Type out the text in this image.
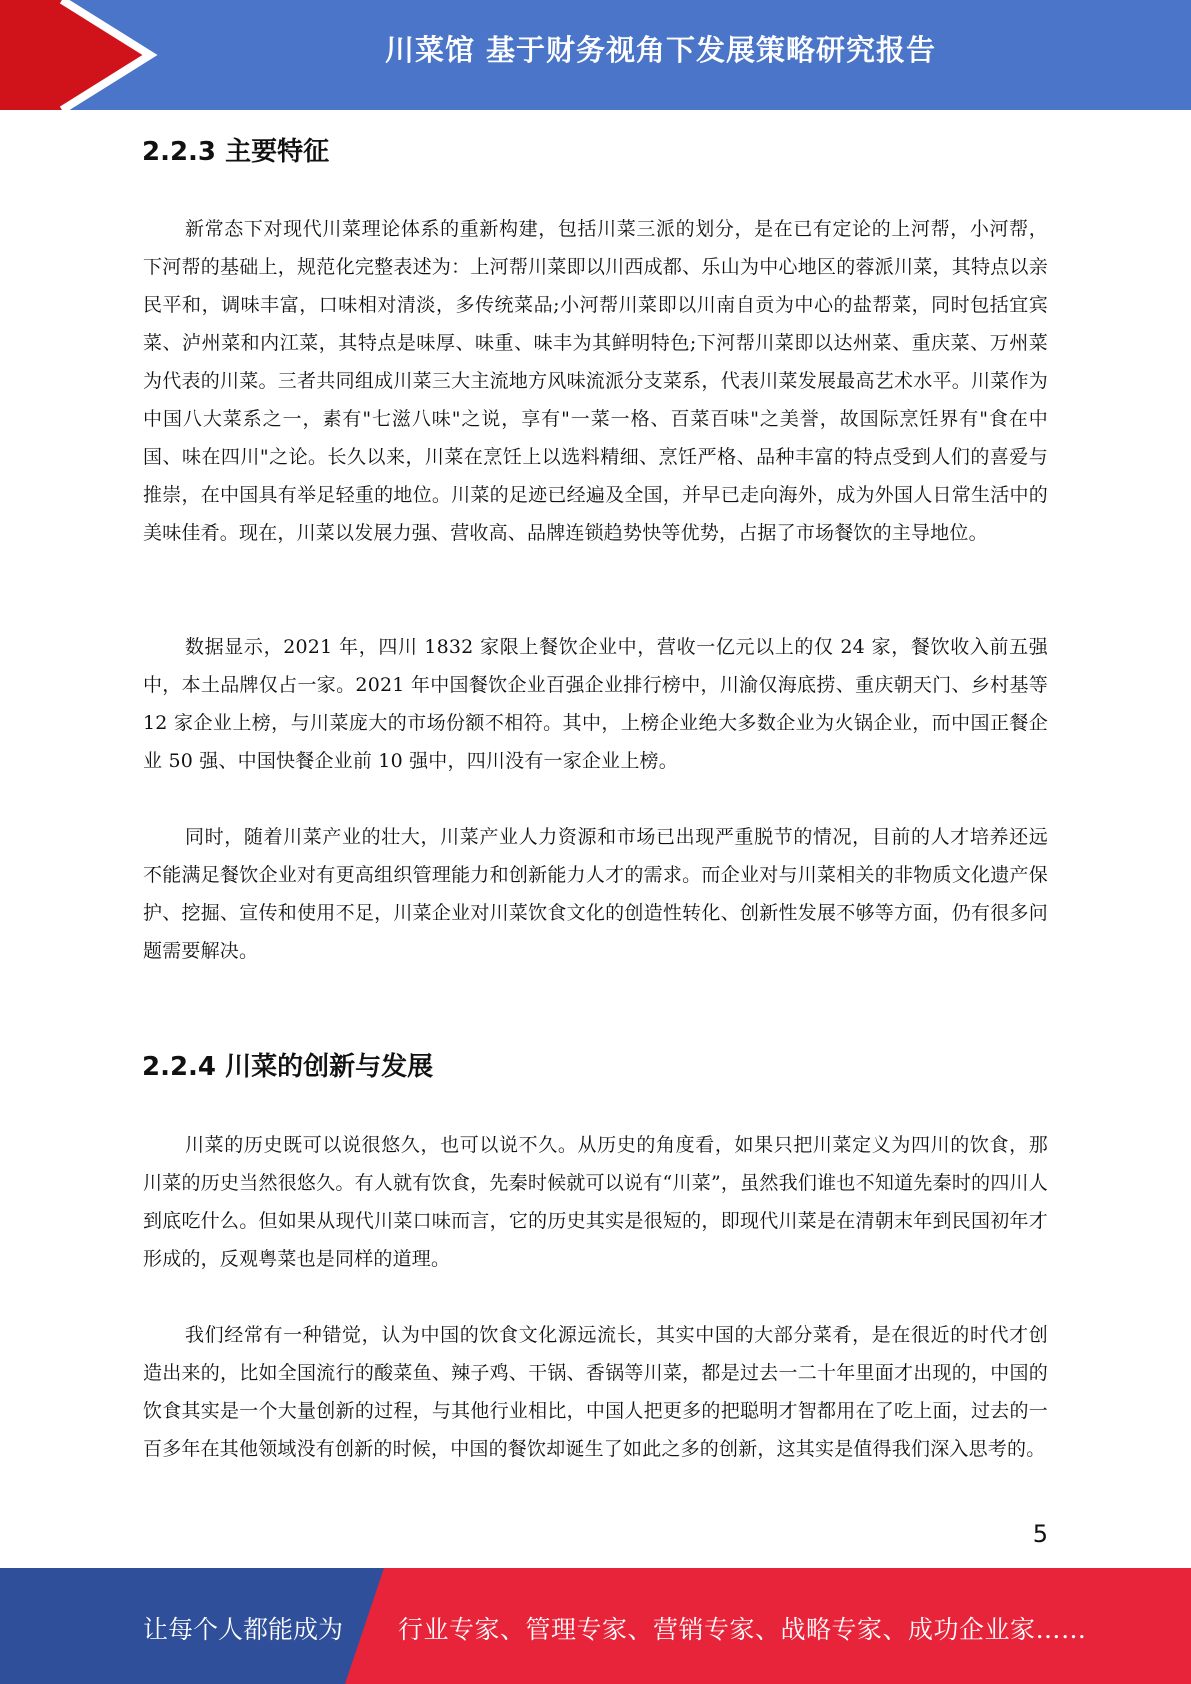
川菜馆 基于财务视角下发展策略研究报告
2.2.3 主要特征

新常态下对现代川菜理论体系的重新构建，包括川菜三派的划分，是在已有定论的上河帮，小河帮，下河帮的基础上，规范化完整表述为：上河帮川菜即以川西成都、乐山为中心地区的蓉派川菜，其特点以亲民平和，调味丰富，口味相对清淡，多传统菜品;小河帮川菜即以川南自贡为中心的盐帮菜，同时包括宜宾菜、泸州菜和内江菜，其特点是味厚、味重、味丰为其鲜明特色;下河帮川菜即以达州菜、重庆菜、万州菜为代表的川菜。三者共同组成川菜三大主流地方风味流派分支菜系，代表川菜发展最高艺术水平。川菜作为中国八大菜系之一，素有"七滋八味"之说，享有"一菜一格、百菜百味"之美誉，故国际烹饪界有"食在中国、味在四川"之论。长久以来，川菜在烹饪上以选料精细、烹饪严格、品种丰富的特点受到人们的喜爱与推崇，在中国具有举足轻重的地位。川菜的足迹已经遍及全国，并早已走向海外，成为外国人日常生活中的美味佳肴。现在，川菜以发展力强、营收高、品牌连锁趋势快等优势，占据了市场餐饮的主导地位。

数据显示，2021 年，四川 1832 家限上餐饮企业中，营收一亿元以上的仅 24 家，餐饮收入前五强中，本土品牌仅占一家。2021 年中国餐饮企业百强企业排行榜中，川渝仅海底捞、重庆朝天门、乡村基等 12 家企业上榜，与川菜庞大的市场份额不相符。其中，上榜企业绝大多数企业为火锅企业，而中国正餐企业 50 强、中国快餐企业前 10 强中，四川没有一家企业上榜。

同时，随着川菜产业的壮大，川菜产业人力资源和市场已出现严重脱节的情况，目前的人才培养还远不能满足餐饮企业对有更高组织管理能力和创新能力人才的需求。而企业对与川菜相关的非物质文化遗产保护、挖掘、宣传和使用不足，川菜企业对川菜饮食文化的创造性转化、创新性发展不够等方面，仍有很多问题需要解决。

2.2.4 川菜的创新与发展

川菜的历史既可以说很悠久，也可以说不久。从历史的角度看，如果只把川菜定义为四川的饮食，那川菜的历史当然很悠久。有人就有饮食，先秦时候就可以说有“川菜”，虽然我们谁也不知道先秦时的四川人到底吃什么。但如果从现代川菜口味而言，它的历史其实是很短的，即现代川菜是在清朝末年到民国初年才形成的，反观粤菜也是同样的道理。

我们经常有一种错觉，认为中国的饮食文化源远流长，其实中国的大部分菜肴，是在很近的时代才创造出来的，比如全国流行的酸菜鱼、辣子鸡、干锅、香锅等川菜，都是过去一二十年里面才出现的，中国的饮食其实是一个大量创新的过程，与其他行业相比，中国人把更多的把聪明才智都用在了吃上面，过去的一百多年在其他领域没有创新的时候，中国的餐饮却诞生了如此之多的创新，这其实是值得我们深入思考的。

5
让每个人都能成为 行业专家、管理专家、营销专家、战略专家、成功企业家……
